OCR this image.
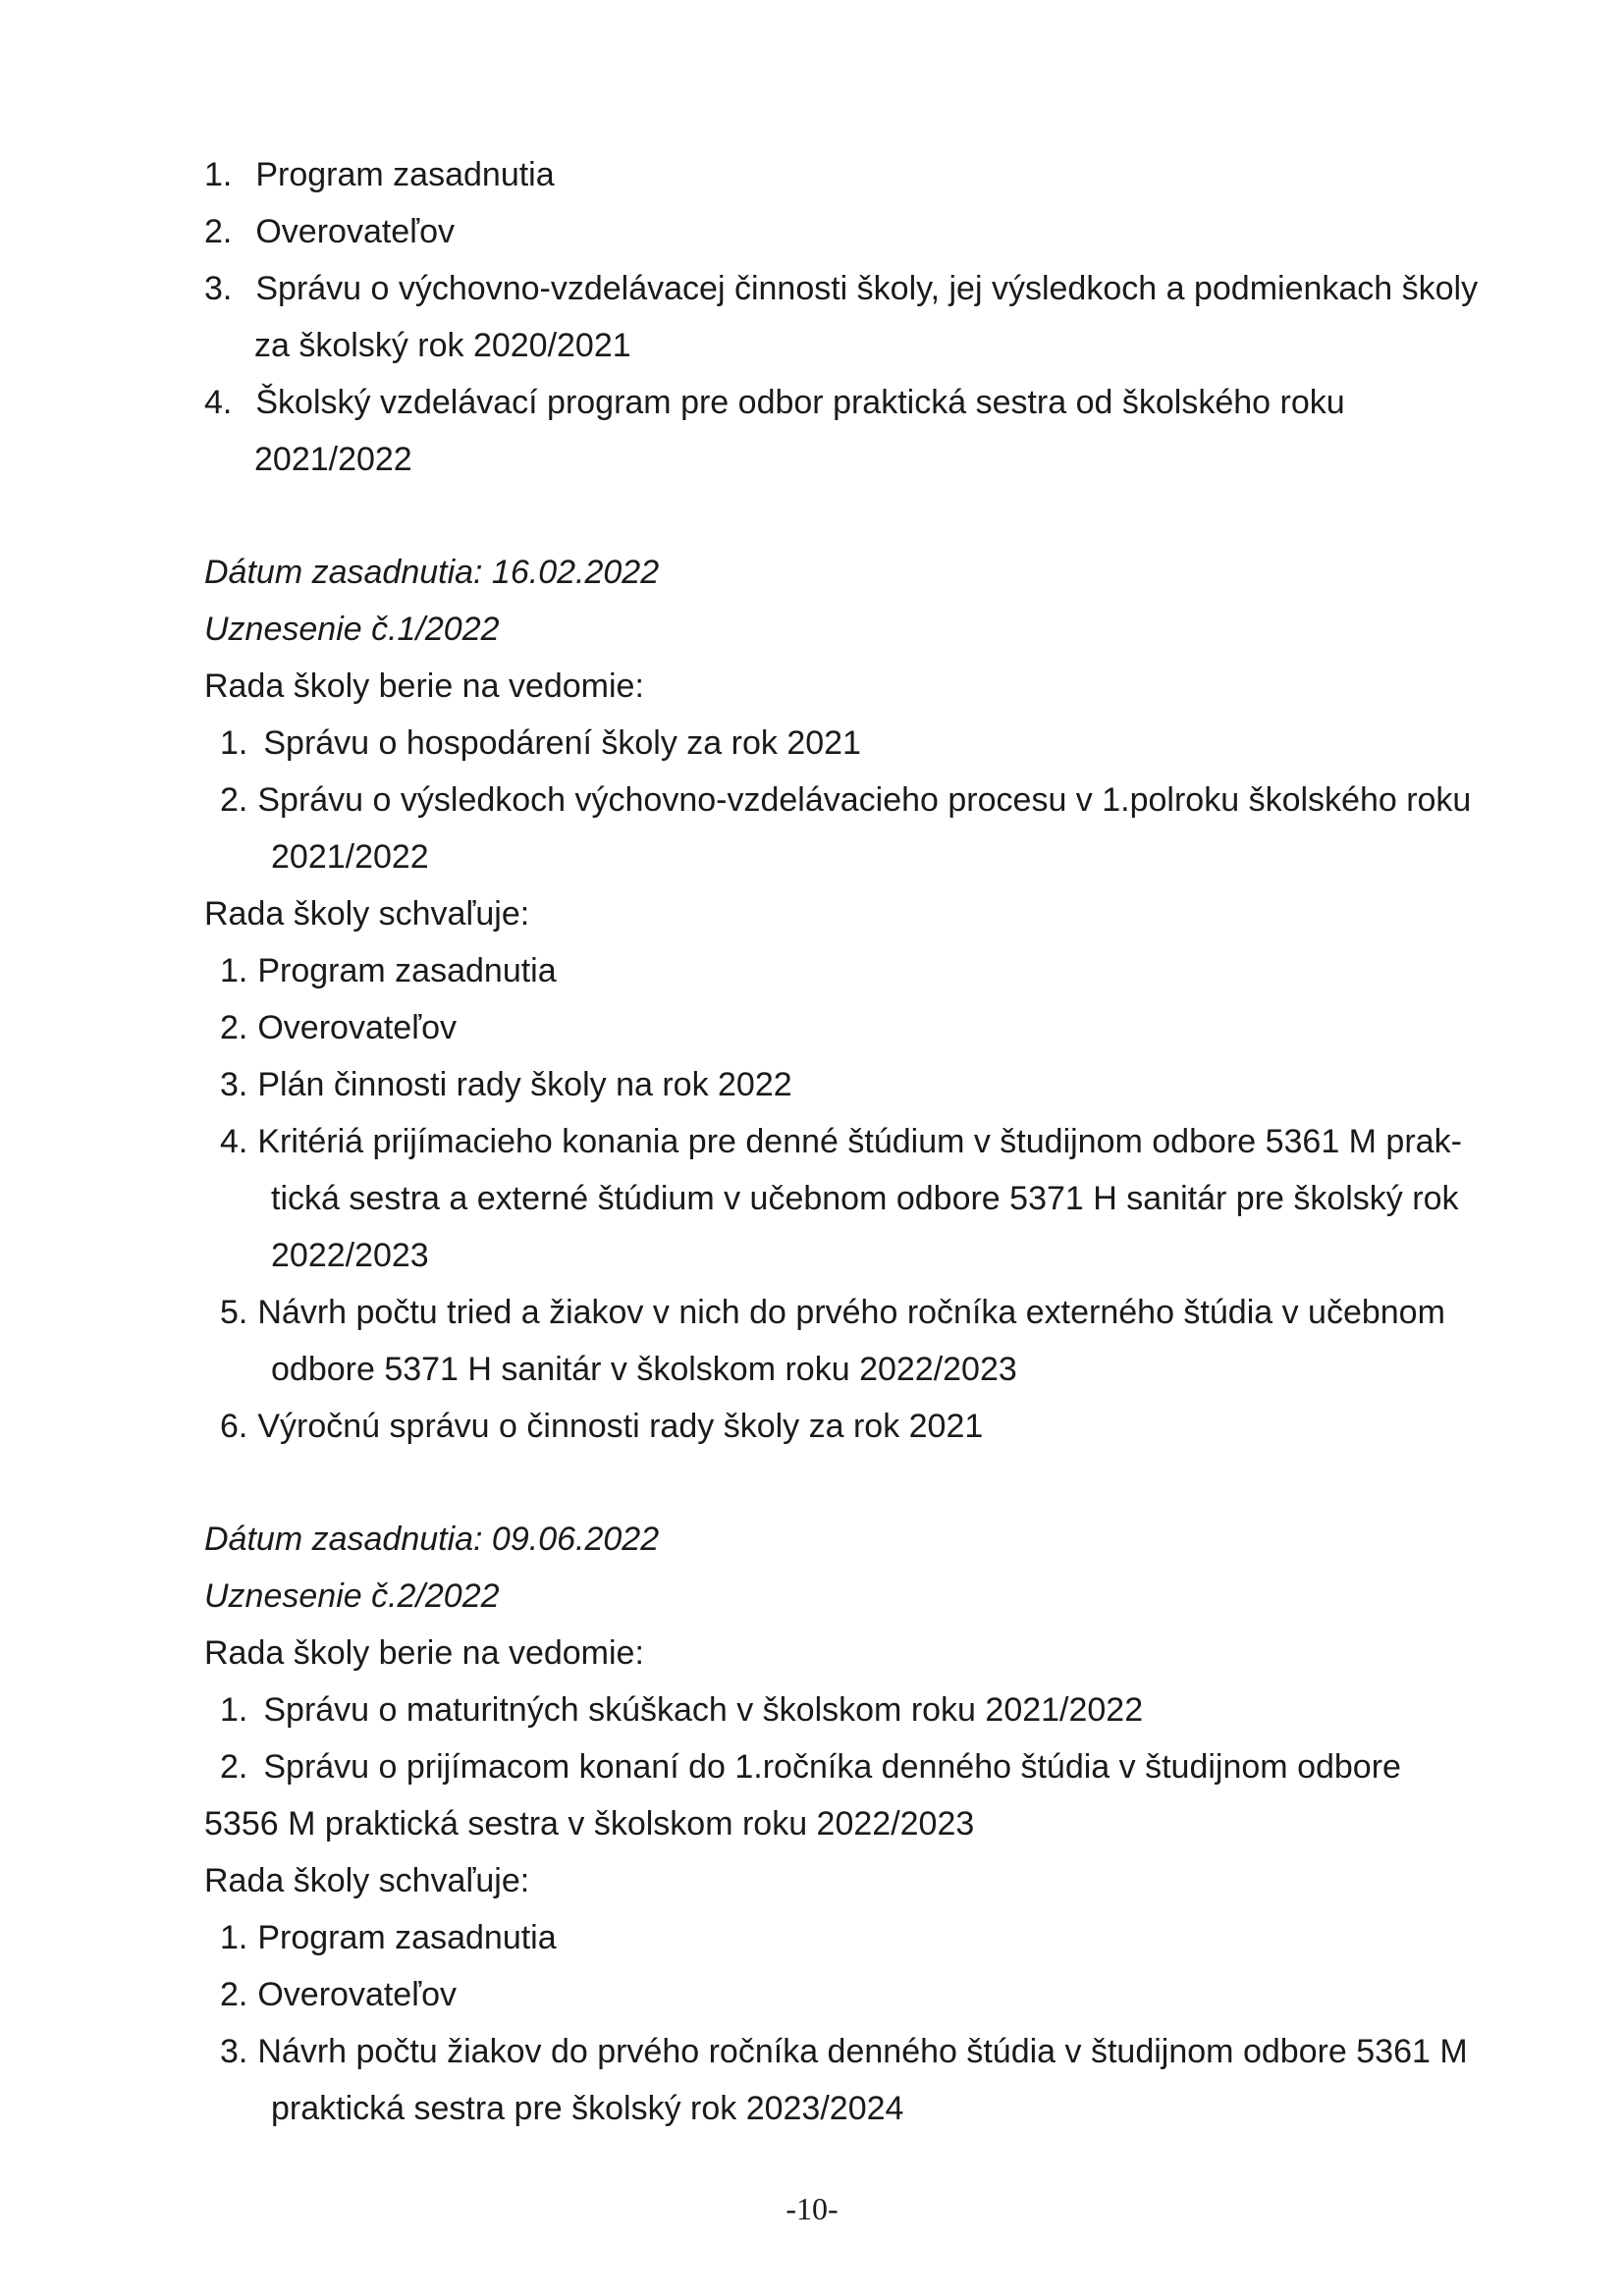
1. Program zasadnutia
2. Overovateľov
3. Správu o výchovno-vzdelávacej činnosti školy, jej výsledkoch a podmienkach školy
za školský rok 2020/2021
4. Školský vzdelávací program pre odbor praktická sestra od školského roku
2021/2022
Dátum zasadnutia: 16.02.2022
Uznesenie č.1/2022
Rada školy berie na vedomie:
1. Správu o hospodárení školy za rok 2021
2. Správu o výsledkoch výchovno-vzdelávacieho procesu v 1.polroku školského roku
2021/2022
Rada školy schvaľuje:
1. Program zasadnutia
2. Overovateľov
3. Plán činnosti rady školy na rok 2022
4. Kritériá prijímacieho konania pre denné štúdium v študijnom odbore 5361 M prak-
tická sestra a externé štúdium v učebnom odbore 5371 H sanitár pre školský rok
2022/2023
5. Návrh počtu tried a žiakov v nich do prvého ročníka externého štúdia v učebnom
odbore 5371 H sanitár v školskom roku 2022/2023
6. Výročnú správu o činnosti rady školy za rok 2021
Dátum zasadnutia: 09.06.2022
Uznesenie č.2/2022
Rada školy berie na vedomie:
1. Správu o maturitných skúškach v školskom roku 2021/2022
2. Správu o prijímacom konaní do 1.ročníka denného štúdia v študijnom odbore
5356 M praktická sestra v školskom roku 2022/2023
Rada školy schvaľuje:
1. Program zasadnutia
2. Overovateľov
3. Návrh počtu žiakov do prvého ročníka denného štúdia v študijnom odbore 5361 M
praktická sestra pre školský rok 2023/2024
-10-
